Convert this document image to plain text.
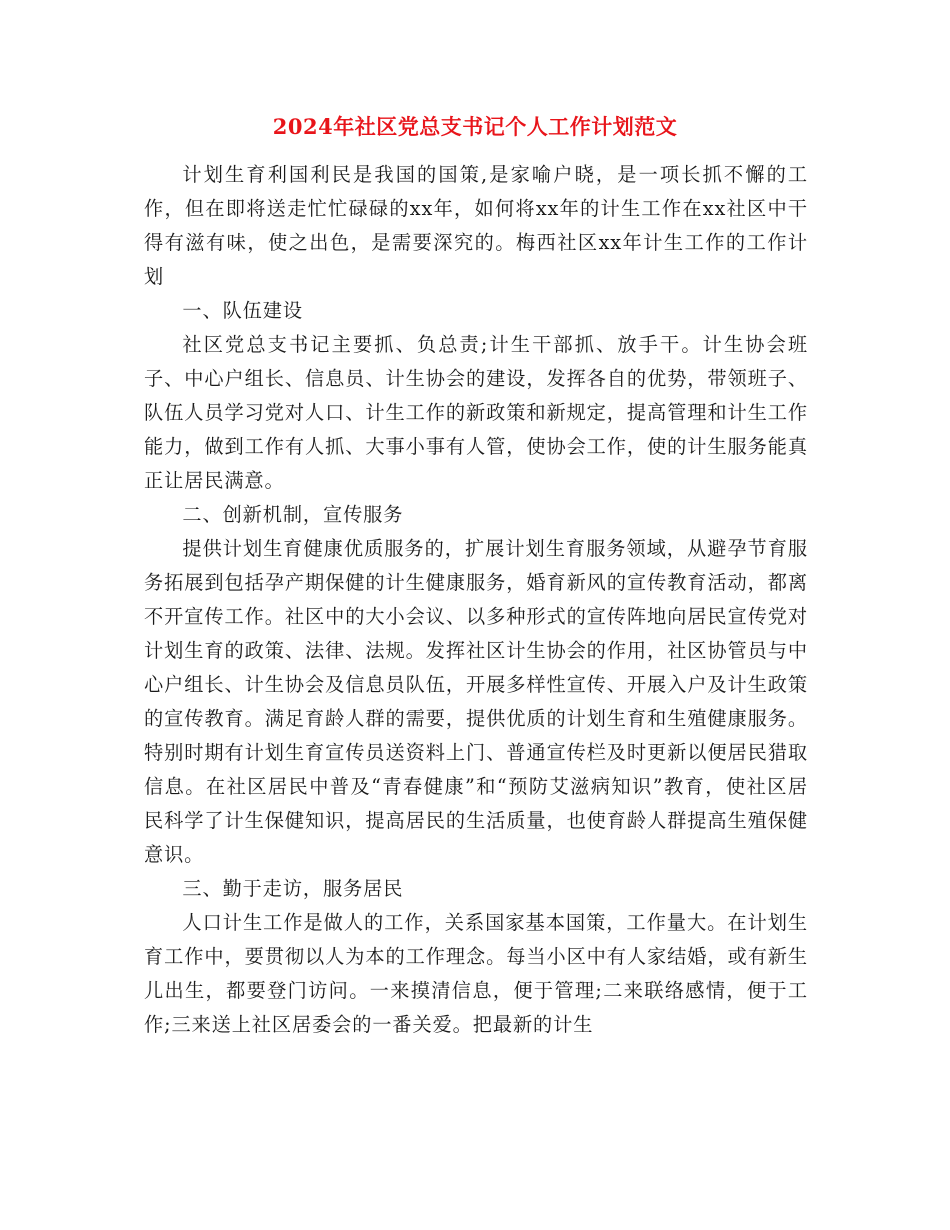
2024年社区党总支书记个人工作计划范文

计划生育利国利民是我国的国策,是家喻户晓，是一项长抓不懈的工作，但在即将送走忙忙碌碌的xx年，如何将xx年的计生工作在xx社区中干得有滋有味，使之出色，是需要深究的。梅西社区xx年计生工作的工作计划

一、队伍建设

社区党总支书记主要抓、负总责;计生干部抓、放手干。计生协会班子、中心户组长、信息员、计生协会的建设，发挥各自的优势，带领班子、队伍人员学习党对人口、计生工作的新政策和新规定，提高管理和计生工作能力，做到工作有人抓、大事小事有人管，使协会工作，使的计生服务能真正让居民满意。

二、创新机制，宣传服务

提供计划生育健康优质服务的，扩展计划生育服务领域，从避孕节育服务拓展到包括孕产期保健的计生健康服务，婚育新风的宣传教育活动，都离不开宣传工作。社区中的大小会议、以多种形式的宣传阵地向居民宣传党对计划生育的政策、法律、法规。发挥社区计生协会的作用，社区协管员与中心户组长、计生协会及信息员队伍，开展多样性宣传、开展入户及计生政策的宣传教育。满足育龄人群的需要，提供优质的计划生育和生殖健康服务。特别时期有计划生育宣传员送资料上门、普通宣传栏及时更新以便居民猎取信息。在社区居民中普及“青春健康”和“预防艾滋病知识”教育，使社区居民科学了计生保健知识，提高居民的生活质量，也使育龄人群提高生殖保健意识。

三、勤于走访，服务居民

人口计生工作是做人的工作，关系国家基本国策，工作量大。在计划生育工作中，要贯彻以人为本的工作理念。每当小区中有人家结婚，或有新生儿出生，都要登门访问。一来摸清信息，便于管理;二来联络感情，便于工作;三来送上社区居委会的一番关爱。把最新的计生
